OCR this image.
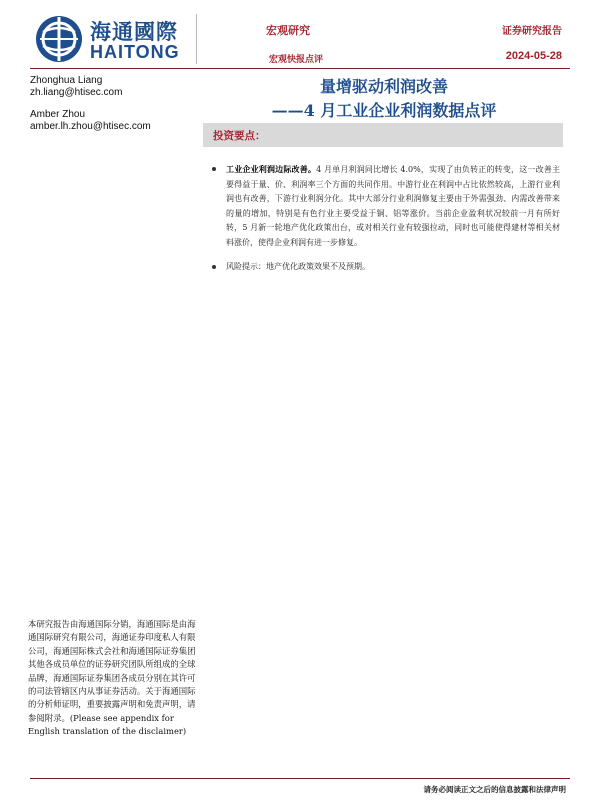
海通國際
HAITONG
宏观研究
宏观快报点评
证券研究报告
2024-05-28
Zhonghua Liang
zh.liang@htisec.com
Amber Zhou
amber.lh.zhou@htisec.com
量增驱动利润改善
——4 月工业企业利润数据点评
投资要点：
工业企业利润边际改善。4 月单月利润同比增长 4.0%，实现了由负转正的转变，这一改善主要得益于量、价、利润率三个方面的共同作用。中游行业在利润中占比依然较高，上游行业利润也有改善，下游行业利润分化。其中大部分行业利润修复主要由于外需强劲、内需改善带来的量的增加，特别是有色行业主要受益于铜、铝等涨价。当前企业盈利状况较前一月有所好转，5 月新一轮地产优化政策出台，或对相关行业有较强拉动，同时也可能使得建材等相关材料涨价，使得企业利润有进一步修复。
风险提示：地产优化政策效果不及预期。
本研究报告由海通国际分销，海通国际是由海通国际研究有限公司，海通证券印度私人有限公司，海通国际株式会社和海通国际证券集团其他各成员单位的证券研究团队所组成的全球品牌，海通国际证券集团各成员分别在其许可的司法管辖区内从事证券活动。关于海通国际的分析师证明，重要披露声明和免责声明，请参阅附录。(Please see appendix for English translation of the disclaimer)
请务必阅读正文之后的信息披露和法律声明
